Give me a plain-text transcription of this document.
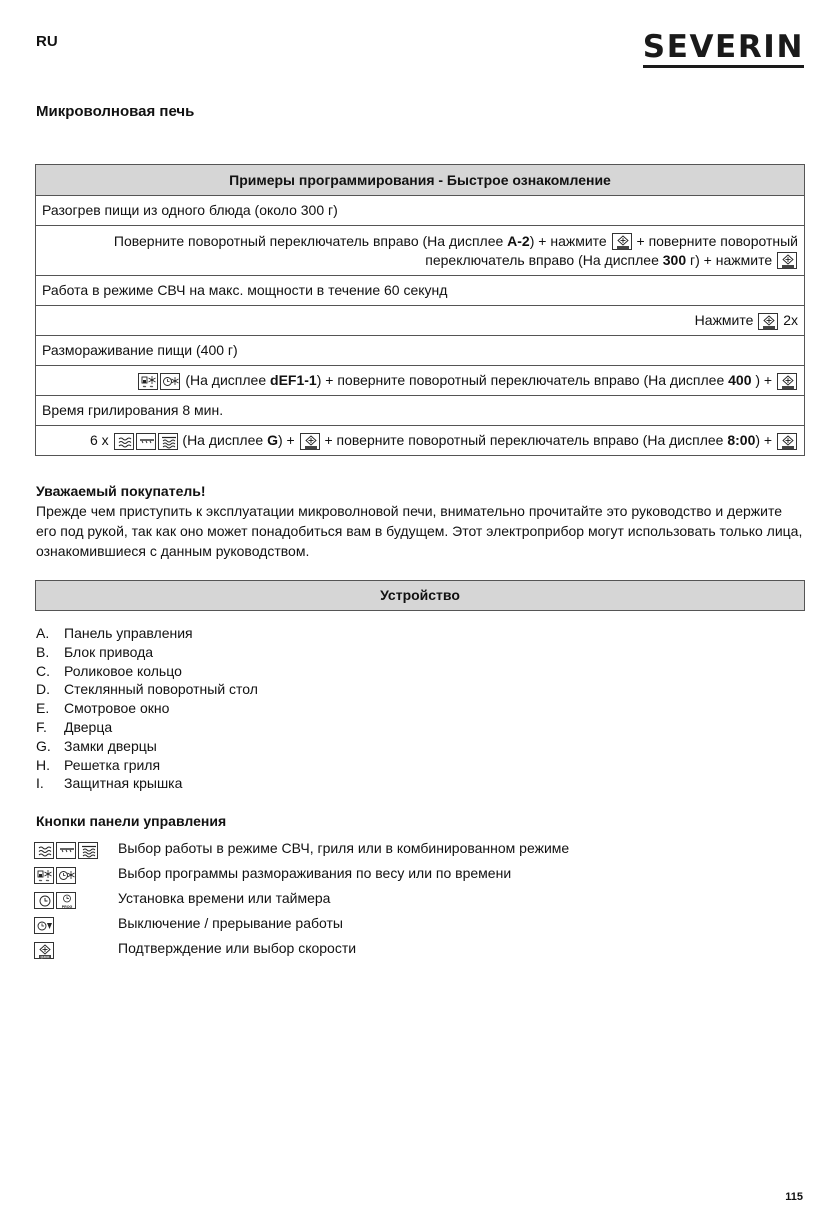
RU	SEVERIN
Микроволновая печь
Примеры программирования - Быстрое ознакомление
Разогрев пищи из одного блюда (около 300 г)
Поверните поворотный переключатель вправо (На дисплее A-2) + нажмите + поверните поворотный
переключатель вправо (На дисплее 300 г) + нажмите

Работа в режиме СВЧ на макс. мощности в течение 60 секунд
Нажмите 2x
Размораживание пищи (400 г)

(На дисплее dEF1-1) + поверните поворотный переключатель вправо (На дисплее 400 ) +

Время грилирования 8 мин.
6 x	(На дисплее G) + + поверните поворотный переключатель вправо (На дисплее 8:00) +
Уважаемый покупатель!
Прежде чем приступить к эксплуатации микроволновой печи, внимательно прочитайте это руководство и держите его под рукой, так как оно может понадобиться вам в будущем. Этот электроприбор могут использовать только лица, ознакомившиеся с данным руководством.
Устройство
A. Панель управления
B. Блок привода
C. Роликовое кольцо
D. Стеклянный поворотный стол
E. Смотровое окно
F. Дверца
G. Замки дверцы
H. Решетка гриля
I. Защитная крышка
Кнопки панели управления
Выбор работы в режиме СВЧ, гриля или в комбинированном режиме
Выбор программы размораживания по весу или по времени
PROG
Установка времени или таймера
Выключение / прерывание работы
QUICK
Подтверждение или выбор скорости
115
